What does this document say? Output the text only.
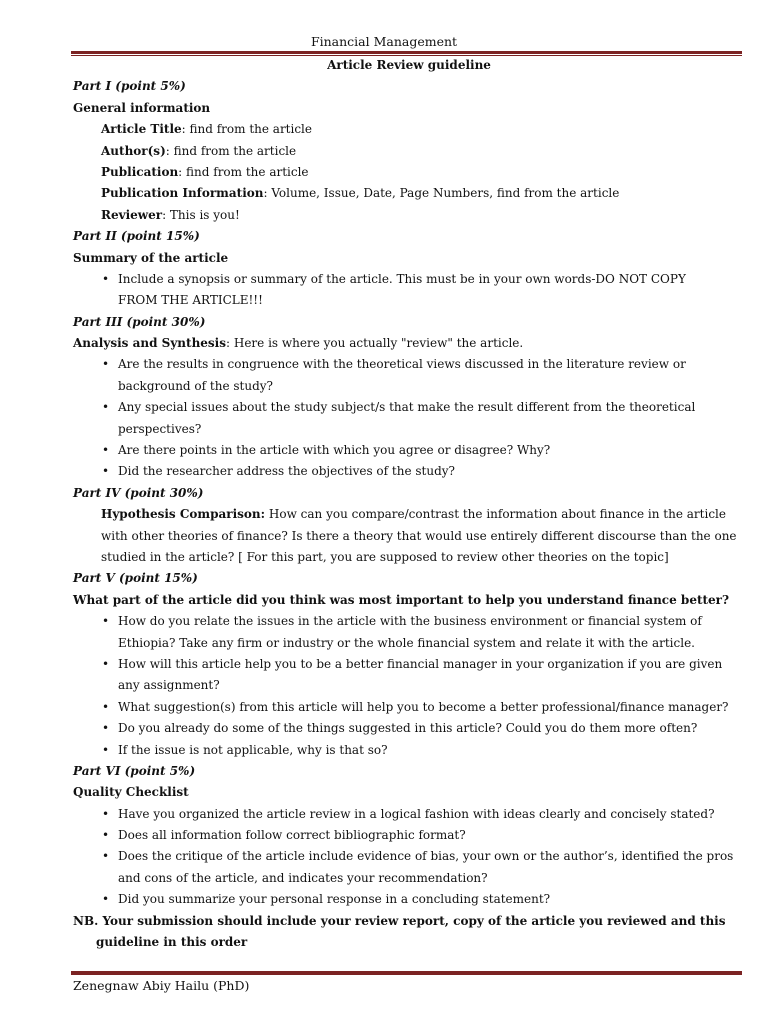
Financial Management
Article Review guideline
Part I (point 5%)
General information
Article Title: find from the article
Author(s): find from the article
Publication: find from the article
Publication Information: Volume, Issue, Date, Page Numbers, find from the article
Reviewer: This is you!
Part II (point 15%)
Summary of the article
• Include a synopsis or summary of the article. This must be in your own words-DO NOT COPY
FROM THE ARTICLE!!!
Part III (point 30%)
Analysis and Synthesis: Here is where you actually "review" the article.
• Are the results in congruence with the theoretical views discussed in the literature review or
background of the study?
• Any special issues about the study subject/s that make the result different from the theoretical
perspectives?
• Are there points in the article with which you agree or disagree? Why?
• Did the researcher address the objectives of the study?
Part IV (point 30%)
Hypothesis Comparison: How can you compare/contrast the information about finance in the article
with other theories of finance? Is there a theory that would use entirely different discourse than the one
studied in the article? [ For this part, you are supposed to review other theories on the topic]
Part V (point 15%)
What part of the article did you think was most important to help you understand finance better?
• How do you relate the issues in the article with the business environment or financial system of
Ethiopia? Take any firm or industry or the whole financial system and relate it with the article.
• How will this article help you to be a better financial manager in your organization if you are given
any assignment?
• What suggestion(s) from this article will help you to become a better professional/finance manager?
• Do you already do some of the things suggested in this article? Could you do them more often?
• If the issue is not applicable, why is that so?
Part VI (point 5%)
Quality Checklist
• Have you organized the article review in a logical fashion with ideas clearly and concisely stated?
• Does all information follow correct bibliographic format?
• Does the critique of the article include evidence of bias, your own or the author’s, identified the pros
and cons of the article, and indicates your recommendation?
• Did you summarize your personal response in a concluding statement?
NB. Your submission should include your review report, copy of the article you reviewed and this
guideline in this order
Zenegnaw Abiy Hailu (PhD)
